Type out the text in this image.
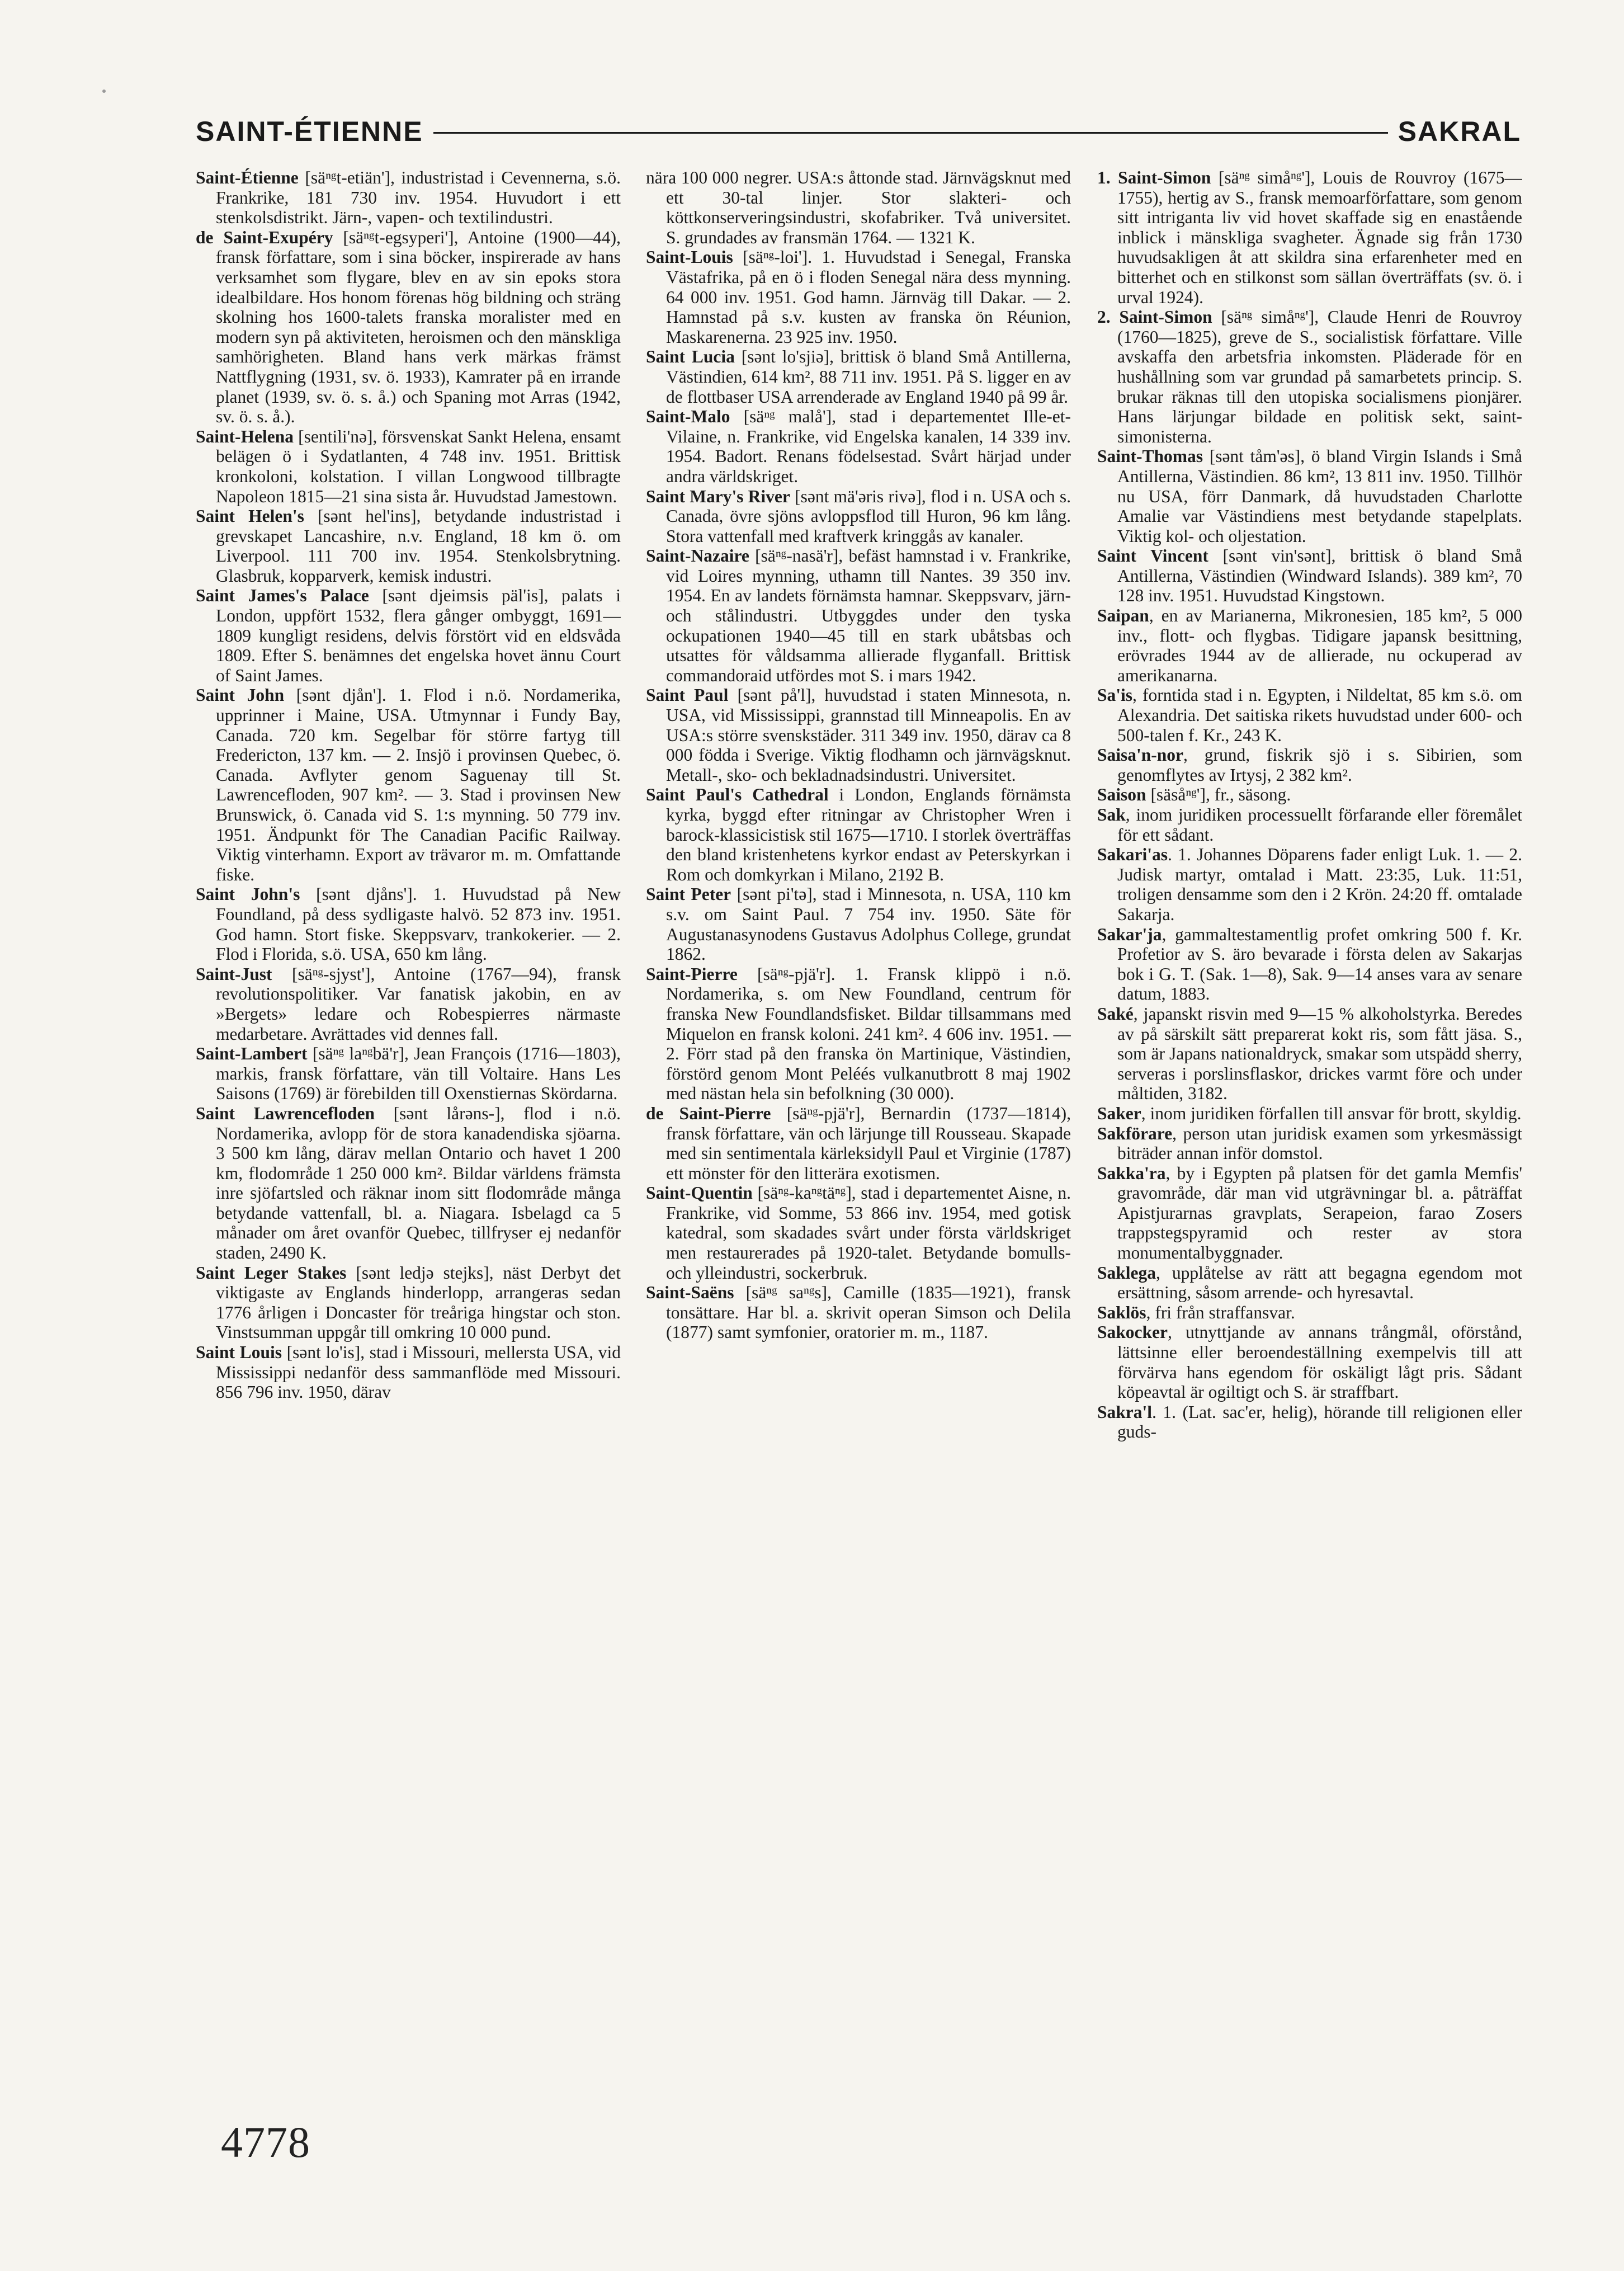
SAINT-ÉTIENNE	SAKRAL

Saint-Étienne [säⁿᵍt-etiän'], industristad i Cevennerna, s.ö. Frankrike, 181 730 inv. 1954. Huvudort i ett stenkolsdistrikt. Järn-, vapen- och textilindustri.

de Saint-Exupéry [säⁿᵍt-egsyperi'], Antoine (1900—44), fransk författare, som i sina böcker, inspirerade av hans verksamhet som flygare, blev en av sin epoks stora idealbildare. Hos honom förenas hög bildning och sträng skolning hos 1600-talets franska moralister med en modern syn på aktiviteten, heroismen och den mänskliga samhörigheten. Bland hans verk märkas främst Nattflygning (1931, sv. ö. 1933), Kamrater på en irrande planet (1939, sv. ö. s. å.) och Spaning mot Arras (1942, sv. ö. s. å.).

Saint-Helena [sentili'nə], försvenskat Sankt Helena, ensamt belägen ö i Sydatlanten, 4 748 inv. 1951. Brittisk kronkoloni, kolstation. I villan Longwood tillbragte Napoleon 1815—21 sina sista år. Huvudstad Jamestown.

Saint Helen's [sənt hel'ins], betydande industristad i grevskapet Lancashire, n.v. England, 18 km ö. om Liverpool. 111 700 inv. 1954. Stenkolsbrytning. Glasbruk, kopparverk, kemisk industri.

Saint James's Palace [sənt djeimsis päl'is], palats i London, uppfört 1532, flera gånger ombyggt, 1691—1809 kungligt residens, delvis förstört vid en eldsvåda 1809. Efter S. benämnes det engelska hovet ännu Court of Saint James.

Saint John [sənt djån']. 1. Flod i n.ö. Nordamerika, upprinner i Maine, USA. Utmynnar i Fundy Bay, Canada. 720 km. Segelbar för större fartyg till Fredericton, 137 km. — 2. Insjö i provinsen Quebec, ö. Canada. Avflyter genom Saguenay till St. Lawrencefloden, 907 km². — 3. Stad i provinsen New Brunswick, ö. Canada vid S. 1:s mynning. 50 779 inv. 1951. Ändpunkt för The Canadian Pacific Railway. Viktig vinterhamn. Export av trävaror m. m. Omfattande fiske.

Saint John's [sənt djåns']. 1. Huvudstad på New Foundland, på dess sydligaste halvö. 52 873 inv. 1951. God hamn. Stort fiske. Skeppsvarv, trankokerier. — 2. Flod i Florida, s.ö. USA, 650 km lång.

Saint-Just [säⁿᵍ-sjyst'], Antoine (1767—94), fransk revolutionspolitiker. Var fanatisk jakobin, en av »Bergets» ledare och Robespierres närmaste medarbetare. Avrättades vid dennes fall.

Saint-Lambert [säⁿᵍ laⁿᵍbä'r], Jean François (1716—1803), markis, fransk författare, vän till Voltaire. Hans Les Saisons (1769) är förebilden till Oxenstiernas Skördarna.

Saint Lawrencefloden [sənt lårəns-], flod i n.ö. Nordamerika, avlopp för de stora kanadendiska sjöarna. 3 500 km lång, därav mellan Ontario och havet 1 200 km, flodområde 1 250 000 km². Bildar världens främsta inre sjöfartsled och räknar inom sitt flodområde många betydande vattenfall, bl. a. Niagara. Isbelagd ca 5 månader om året ovanför Quebec, tillfryser ej nedanför staden, 2490 K.

Saint Leger Stakes [sənt ledjə stejks], näst Derbyt det viktigaste av Englands hinderlopp, arrangeras sedan 1776 årligen i Doncaster för treåriga hingstar och ston. Vinstsumman uppgår till omkring 10 000 pund.

Saint Louis [sənt lo'is], stad i Missouri, mellersta USA, vid Mississippi nedanför dess sammanflöde med Missouri. 856 796 inv. 1950, därav

nära 100 000 negrer. USA:s åttonde stad. Järnvägsknut med ett 30-tal linjer. Stor slakteri- och köttkonserveringsindustri, skofabriker. Två universitet. S. grundades av fransmän 1764. — 1321 K.

Saint-Louis [säⁿᵍ-loi']. 1. Huvudstad i Senegal, Franska Västafrika, på en ö i floden Senegal nära dess mynning. 64 000 inv. 1951. God hamn. Järnväg till Dakar. — 2. Hamnstad på s.v. kusten av franska ön Réunion, Maskarenerna. 23 925 inv. 1950.

Saint Lucia [sənt lo'sjiə], brittisk ö bland Små Antillerna, Västindien, 614 km², 88 711 inv. 1951. På S. ligger en av de flottbaser USA arrenderade av England 1940 på 99 år.

Saint-Malo [säⁿᵍ malå'], stad i departementet Ille-et-Vilaine, n. Frankrike, vid Engelska kanalen, 14 339 inv. 1954. Badort. Renans födelsestad. Svårt härjad under andra världskriget.

Saint Mary's River [sənt mä'əris rivə], flod i n. USA och s. Canada, övre sjöns avloppsflod till Huron, 96 km lång. Stora vattenfall med kraftverk kringgås av kanaler.

Saint-Nazaire [säⁿᵍ-nasä'r], befäst hamnstad i v. Frankrike, vid Loires mynning, uthamn till Nantes. 39 350 inv. 1954. En av landets förnämsta hamnar. Skeppsvarv, järn- och stålindustri. Utbyggdes under den tyska ockupationen 1940—45 till en stark ubåtsbas och utsattes för våldsamma allierade flyganfall. Brittisk commandoraid utfördes mot S. i mars 1942.

Saint Paul [sənt på'l], huvudstad i staten Minnesota, n. USA, vid Mississippi, grannstad till Minneapolis. En av USA:s större svenskstäder. 311 349 inv. 1950, därav ca 8 000 födda i Sverige. Viktig flodhamn och järnvägsknut. Metall-, sko- och bekladnadsindustri. Universitet.

Saint Paul's Cathedral i London, Englands förnämsta kyrka, byggd efter ritningar av Christopher Wren i barock-klassicistisk stil 1675—1710. I storlek överträffas den bland kristenhetens kyrkor endast av Peterskyrkan i Rom och domkyrkan i Milano, 2192 B.

Saint Peter [sənt pi'tə], stad i Minnesota, n. USA, 110 km s.v. om Saint Paul. 7 754 inv. 1950. Säte för Augustanasynodens Gustavus Adolphus College, grundat 1862.

Saint-Pierre [säⁿᵍ-pjä'r]. 1. Fransk klippö i n.ö. Nordamerika, s. om New Foundland, centrum för franska New Foundlandsfisket. Bildar tillsammans med Miquelon en fransk koloni. 241 km². 4 606 inv. 1951. — 2. Förr stad på den franska ön Martinique, Västindien, förstörd genom Mont Peléés vulkanutbrott 8 maj 1902 med nästan hela sin befolkning (30 000).

de Saint-Pierre [säⁿᵍ-pjä'r], Bernardin (1737—1814), fransk författare, vän och lärjunge till Rousseau. Skapade med sin sentimentala kärleksidyll Paul et Virginie (1787) ett mönster för den litterära exotismen.

Saint-Quentin [säⁿᵍ-kaⁿᵍtäⁿᵍ], stad i departementet Aisne, n. Frankrike, vid Somme, 53 866 inv. 1954, med gotisk katedral, som skadades svårt under första världskriget men restaurerades på 1920-talet. Betydande bomulls- och ylleindustri, sockerbruk.

Saint-Saëns [säⁿᵍ saⁿᵍs], Camille (1835—1921), fransk tonsättare. Har bl. a. skrivit operan Simson och Delila (1877) samt symfonier, oratorier m. m., 1187.

1. Saint-Simon [säⁿᵍ simåⁿᵍ'], Louis de Rouvroy (1675—1755), hertig av S., fransk memoarförfattare, som genom sitt intriganta liv vid hovet skaffade sig en enastående inblick i mänskliga svagheter. Ägnade sig från 1730 huvudsakligen åt att skildra sina erfarenheter med en bitterhet och en stilkonst som sällan överträffats (sv. ö. i urval 1924).

2. Saint-Simon [säⁿᵍ simåⁿᵍ'], Claude Henri de Rouvroy (1760—1825), greve de S., socialistisk författare. Ville avskaffa den arbetsfria inkomsten. Pläderade för en hushållning som var grundad på samarbetets princip. S. brukar räknas till den utopiska socialismens pionjärer. Hans lärjungar bildade en politisk sekt, saint-simonisterna.

Saint-Thomas [sənt tåm'əs], ö bland Virgin Islands i Små Antillerna, Västindien. 86 km², 13 811 inv. 1950. Tillhör nu USA, förr Danmark, då huvudstaden Charlotte Amalie var Västindiens mest betydande stapelplats. Viktig kol- och oljestation.

Saint Vincent [sənt vin'sənt], brittisk ö bland Små Antillerna, Västindien (Windward Islands). 389 km², 70 128 inv. 1951. Huvudstad Kingstown.

Saipan, en av Marianerna, Mikronesien, 185 km², 5 000 inv., flott- och flygbas. Tidigare japansk besittning, erövrades 1944 av de allierade, nu ockuperad av amerikanarna.

Sa'is, forntida stad i n. Egypten, i Nildeltat, 85 km s.ö. om Alexandria. Det saitiska rikets huvudstad under 600- och 500-talen f. Kr., 243 K.

Saisa'n-nor, grund, fiskrik sjö i s. Sibirien, som genomflytes av Irtysj, 2 382 km².

Saison [säsåⁿᵍ'], fr., säsong.

Sak, inom juridiken processuellt förfarande eller föremålet för ett sådant.

Sakari'as. 1. Johannes Döparens fader enligt Luk. 1. — 2. Judisk martyr, omtalad i Matt. 23:35, Luk. 11:51, troligen densamme som den i 2 Krön. 24:20 ff. omtalade Sakarja.

Sakar'ja, gammaltestamentlig profet omkring 500 f. Kr. Profetior av S. äro bevarade i första delen av Sakarjas bok i G. T. (Sak. 1—8), Sak. 9—14 anses vara av senare datum, 1883.

Saké, japanskt risvin med 9—15 % alkoholstyrka. Beredes av på särskilt sätt preparerat kokt ris, som fått jäsa. S., som är Japans nationaldryck, smakar som utspädd sherry, serveras i porslinsflaskor, drickes varmt före och under måltiden, 3182.

Saker, inom juridiken förfallen till ansvar för brott, skyldig.

Sakförare, person utan juridisk examen som yrkesmässigt biträder annan inför domstol.

Sakka'ra, by i Egypten på platsen för det gamla Memfis' gravområde, där man vid utgrävningar bl. a. påträffat Apistjurarnas gravplats, Serapeion, farao Zosers trappstegspyramid och rester av stora monumentalbyggnader.

Saklega, upplåtelse av rätt att begagna egendom mot ersättning, såsom arrende- och hyresavtal.

Saklös, fri från straffansvar.

Sakocker, utnyttjande av annans trångmål, oförstånd, lättsinne eller beroendeställning exempelvis till att förvärva hans egendom för oskäligt lågt pris. Sådant köpeavtal är ogiltigt och S. är straffbart.

Sakra'l. 1. (Lat. sac'er, helig), hörande till religionen eller guds-

4778
